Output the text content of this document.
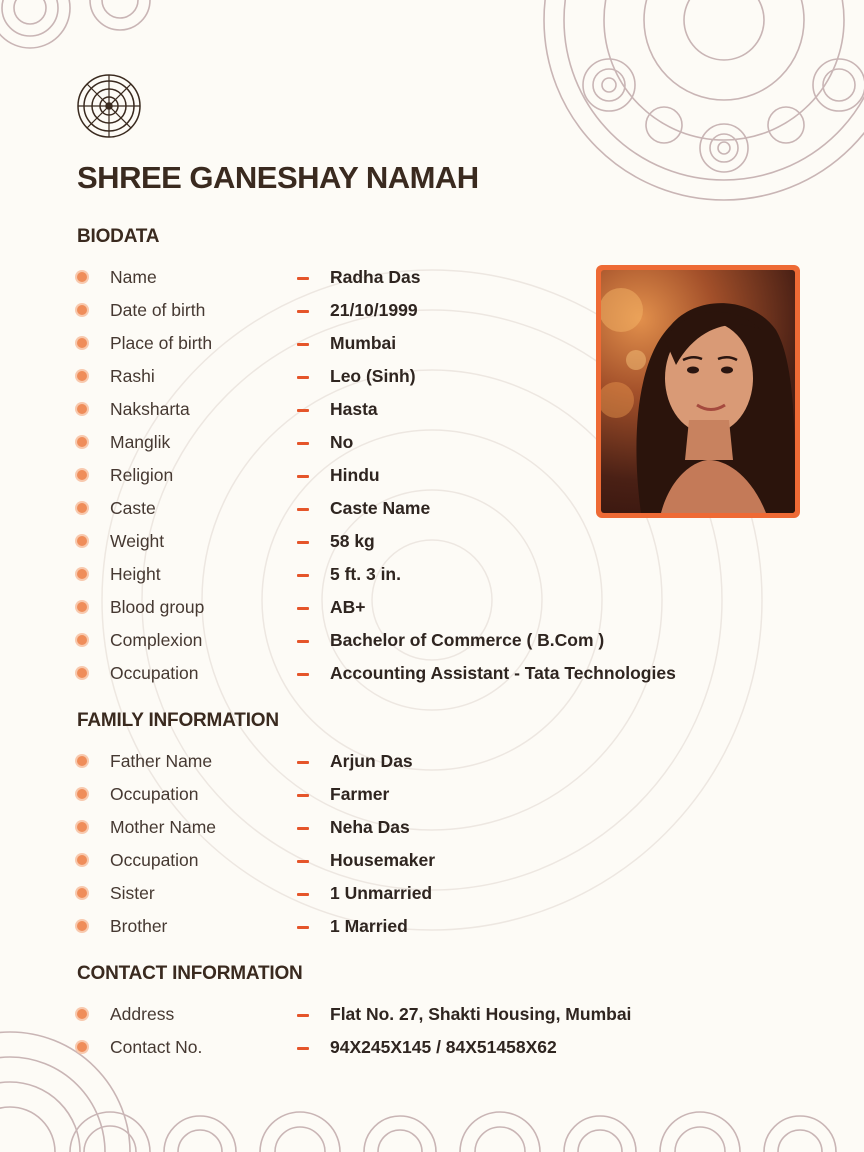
SHREE GANESHAY NAMAH
BIODATA
FAMILY INFORMATION
CONTACT INFORMATION
Name	Radha Das
Date of birth	21/10/1999
Place of birth	Mumbai
Rashi	Leo (Sinh)
Naksharta	Hasta
Manglik	No
Religion	Hindu
Caste	Caste Name
Weight	58 kg
Height	5 ft. 3 in.
Blood group	AB+
Complexion	Bachelor of Commerce ( B.Com )
Occupation	Accounting Assistant - Tata Technologies
Father Name	Arjun Das
Occupation	Farmer
Mother Name	Neha Das
Occupation	Housemaker
Sister	1 Unmarried
Brother	1 Married
Address	Flat No. 27, Shakti Housing, Mumbai
Contact No.	94X245X145 / 84X51458X62
